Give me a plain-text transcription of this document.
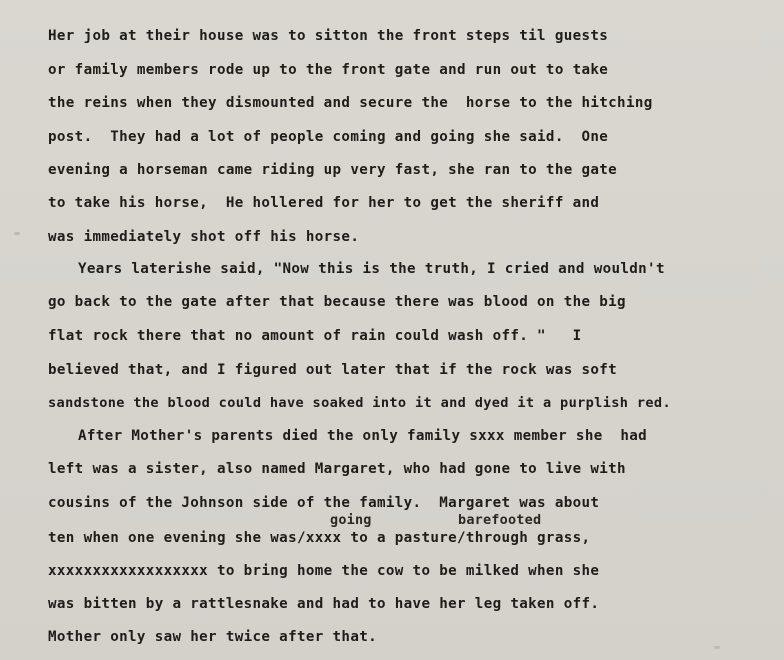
Her job at their house was to sitton the front steps til guests
or family members rode up to the front gate and run out to take
the reins when they dismounted and secure the  horse to the hitching
post.  They had a lot of people coming and going she said.  One
evening a horseman came riding up very fast, she ran to the gate
to take his horse,  He hollered for her to get the sheriff and
was immediately shot off his horse.
Years laterishe said, "Now this is the truth, I cried and wouldn't
go back to the gate after that because there was blood on the big
flat rock there that no amount of rain could wash off. "   I
believed that, and I figured out later that if the rock was soft
sandstone the blood could have soaked into it and dyed it a purplish red.
After Mother's parents died the only family sxxx member she  had
left was a sister, also named Margaret, who had gone to live with
cousins of the Johnson side of the family.  Margaret was about
going	barefooted
ten when one evening she was/xxxx to a pasture/through grass,
xxxxxxxxxxxxxxxxxx to bring home the cow to be milked when she
was bitten by a rattlesnake and had to have her leg taken off.
Mother only saw her twice after that.
